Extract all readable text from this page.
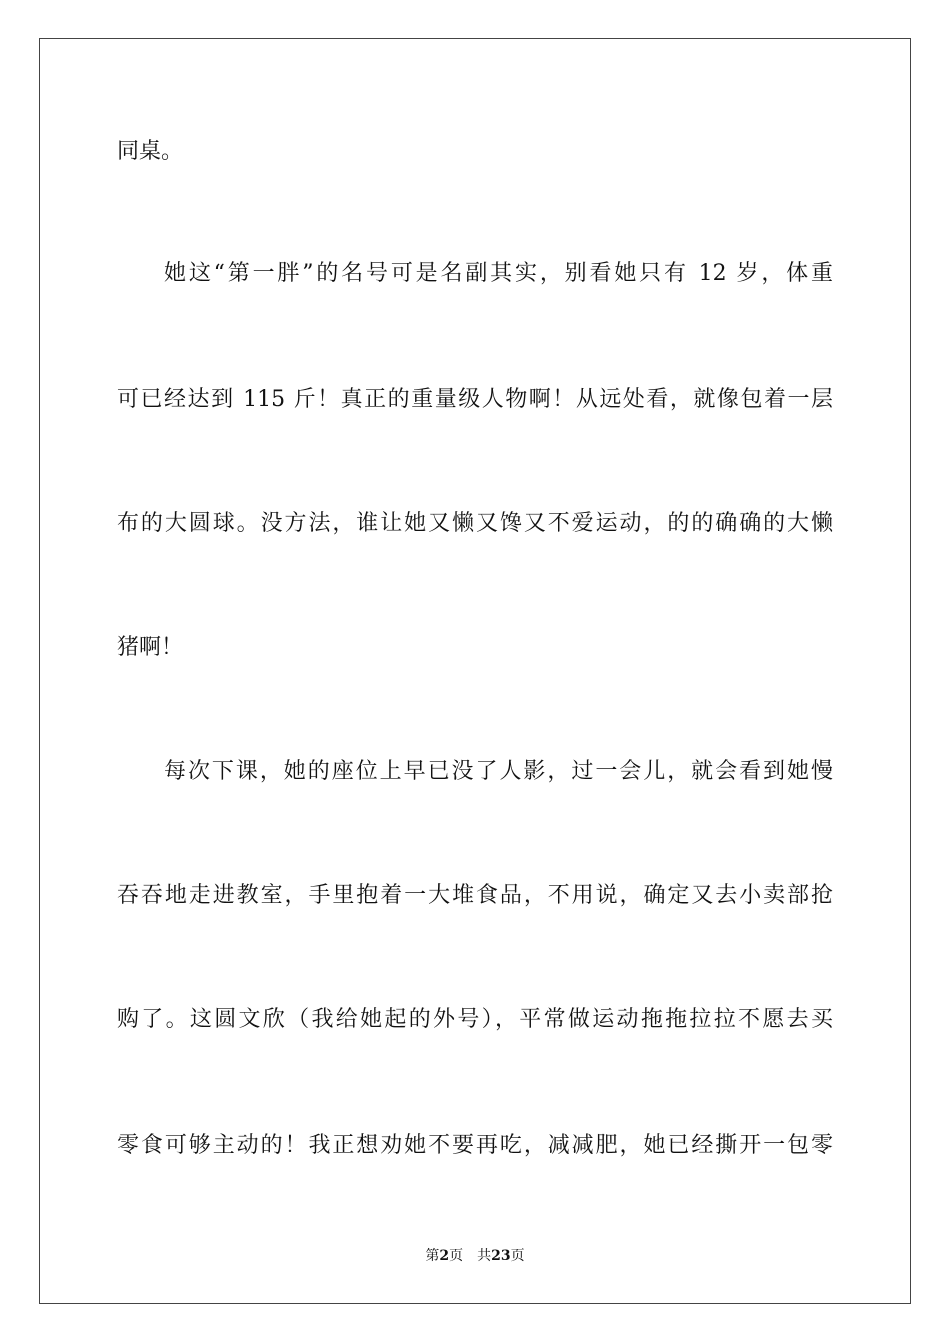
同桌。
她这“第一胖”的名号可是名副其实，别看她只有 12 岁，体重
可已经达到 115 斤！真正的重量级人物啊！从远处看，就像包着一层
布的大圆球。没方法，谁让她又懒又馋又不爱运动，的的确确的大懒
猪啊！
每次下课，她的座位上早已没了人影，过一会儿，就会看到她慢
吞吞地走进教室，手里抱着一大堆食品，不用说，确定又去小卖部抢
购了。这圆文欣（我给她起的外号），平常做运动拖拖拉拉不愿去买
零食可够主动的！我正想劝她不要再吃，减减肥，她已经撕开一包零
第2页 共23页
